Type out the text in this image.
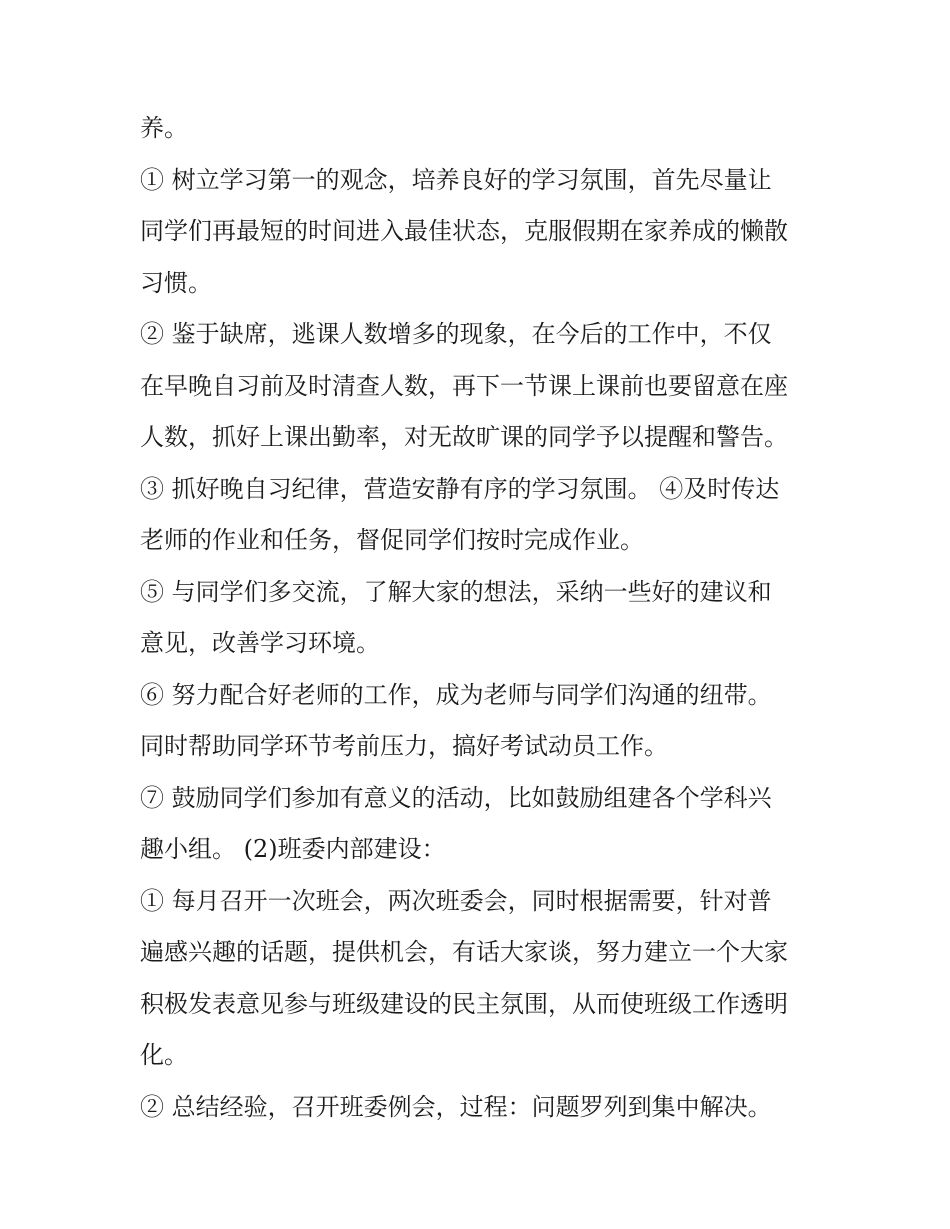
养。
① 树立学习第一的观念，培养良好的学习氛围，首先尽量让
同学们再最短的时间进入最佳状态，克服假期在家养成的懒散
习惯。
② 鉴于缺席，逃课人数增多的现象，在今后的工作中，不仅
在早晚自习前及时清查人数，再下一节课上课前也要留意在座
人数，抓好上课出勤率，对无故旷课的同学予以提醒和警告。
③ 抓好晚自习纪律，营造安静有序的学习氛围。 ④及时传达
老师的作业和任务，督促同学们按时完成作业。
⑤ 与同学们多交流，了解大家的想法，采纳一些好的建议和
意见，改善学习环境。
⑥ 努力配合好老师的工作，成为老师与同学们沟通的纽带。
同时帮助同学环节考前压力，搞好考试动员工作。
⑦ 鼓励同学们参加有意义的活动，比如鼓励组建各个学科兴
趣小组。 (2)班委内部建设：
① 每月召开一次班会，两次班委会，同时根据需要，针对普
遍感兴趣的话题，提供机会，有话大家谈，努力建立一个大家
积极发表意见参与班级建设的民主氛围，从而使班级工作透明
化。
② 总结经验，召开班委例会，过程：问题罗列到集中解决。
